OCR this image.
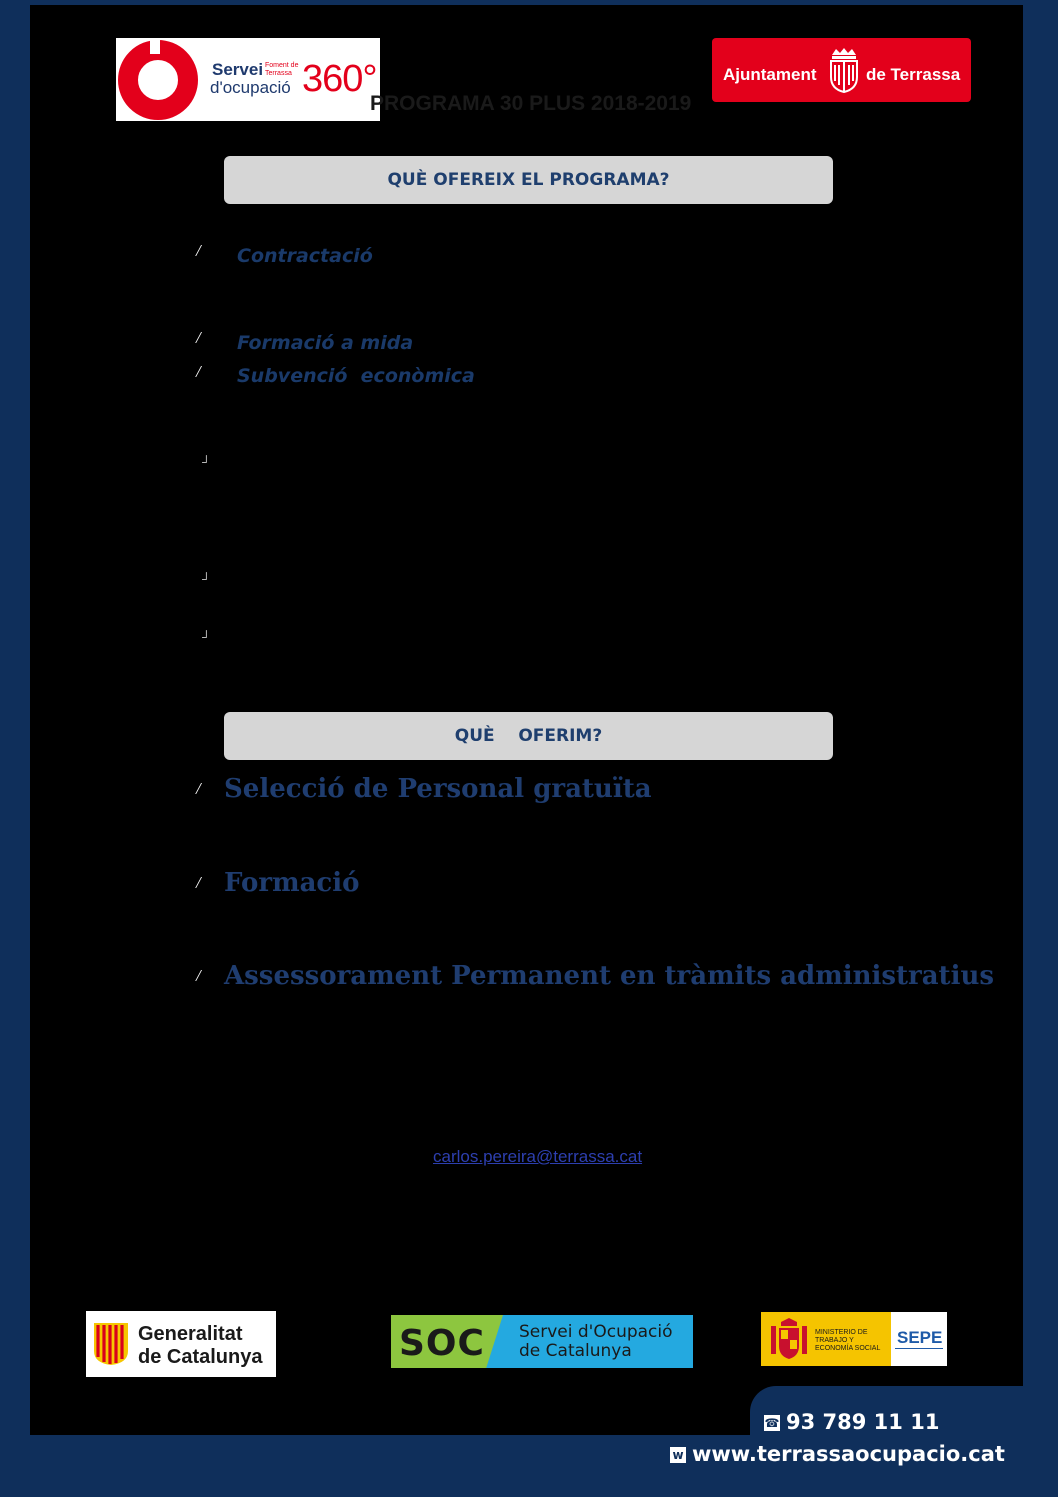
Servei
d'ocupació
Foment de Terrassa 360°
PROGRAMA 30 PLUS 2018-2019
Ajuntament	de Terrassa
QUÈ OFEREIX EL PROGRAMA?
/ Contractació
/ Formació a mida
/ Subvenció  econòmica
┘
┘
┘
QUÈ    OFERIM?
/ Selecció de Personal gratuïta
/ Formació
/ Assessorament Permanent en tràmits administratius
carlos.pereira@terrassa.cat
Generalitat
de Catalunya	SOC Servei d'Ocupació
de Catalunya
MINISTERIO DE TRABAJO Y ECONOMÍA SOCIAL
SEPE
☎ 93 789 11 11
w www.terrassaocupacio.cat
